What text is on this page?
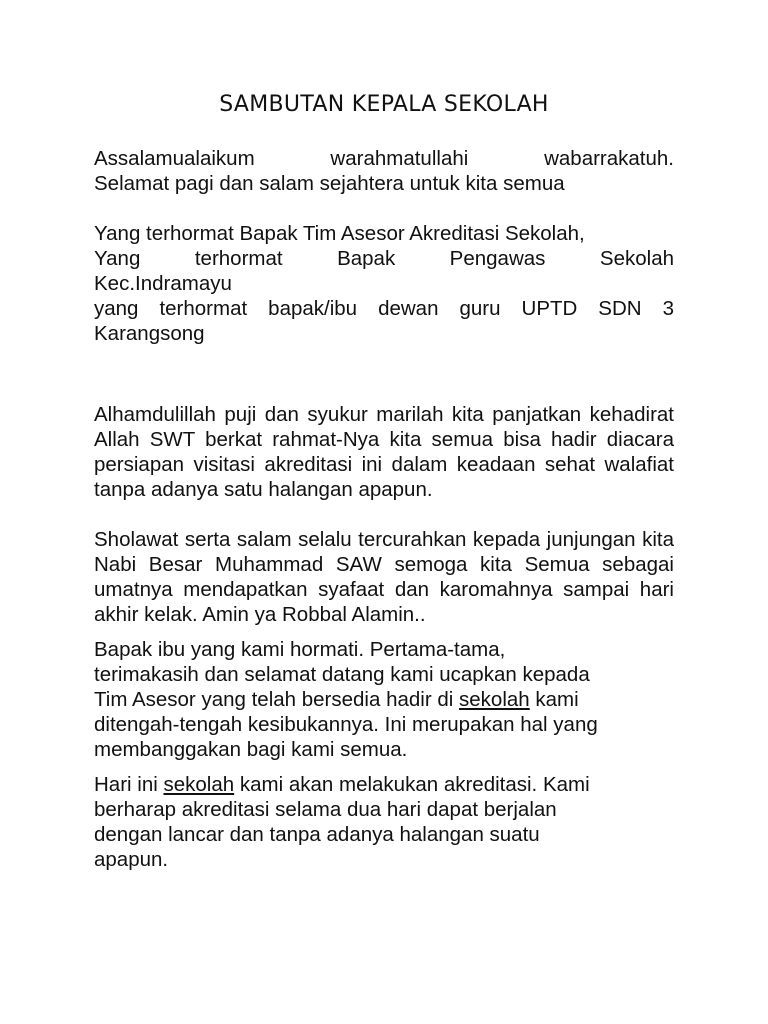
SAMBUTAN KEPALA SEKOLAH

Assalamualaikum warahmatullahi wabarrakatuh.

Selamat pagi dan salam sejahtera untuk kita semua

Yang terhormat Bapak Tim Asesor Akreditasi Sekolah,

Yang terhormat Bapak Pengawas Sekolah

Kec.Indramayu

yang terhormat bapak/ibu dewan guru UPTD SDN 3

Karangsong

Alhamdulillah puji dan syukur marilah kita panjatkan kehadirat Allah SWT berkat rahmat-Nya kita semua bisa hadir diacara persiapan visitasi akreditasi ini dalam keadaan sehat walafiat tanpa adanya satu halangan apapun.

Sholawat serta salam selalu tercurahkan kepada junjungan kita Nabi Besar Muhammad SAW semoga kita Semua sebagai umatnya mendapatkan syafaat dan karomahnya sampai hari akhir kelak. Amin ya Robbal Alamin..

Bapak ibu yang kami hormati. Pertama-tama,

terimakasih dan selamat datang kami ucapkan kepada

Tim Asesor yang telah bersedia hadir di sekolah kami

ditengah-tengah kesibukannya. Ini merupakan hal yang

membanggakan bagi kami semua.

Hari ini sekolah kami akan melakukan akreditasi. Kami

berharap akreditasi selama dua hari dapat berjalan

dengan lancar dan tanpa adanya halangan suatu

apapun.
